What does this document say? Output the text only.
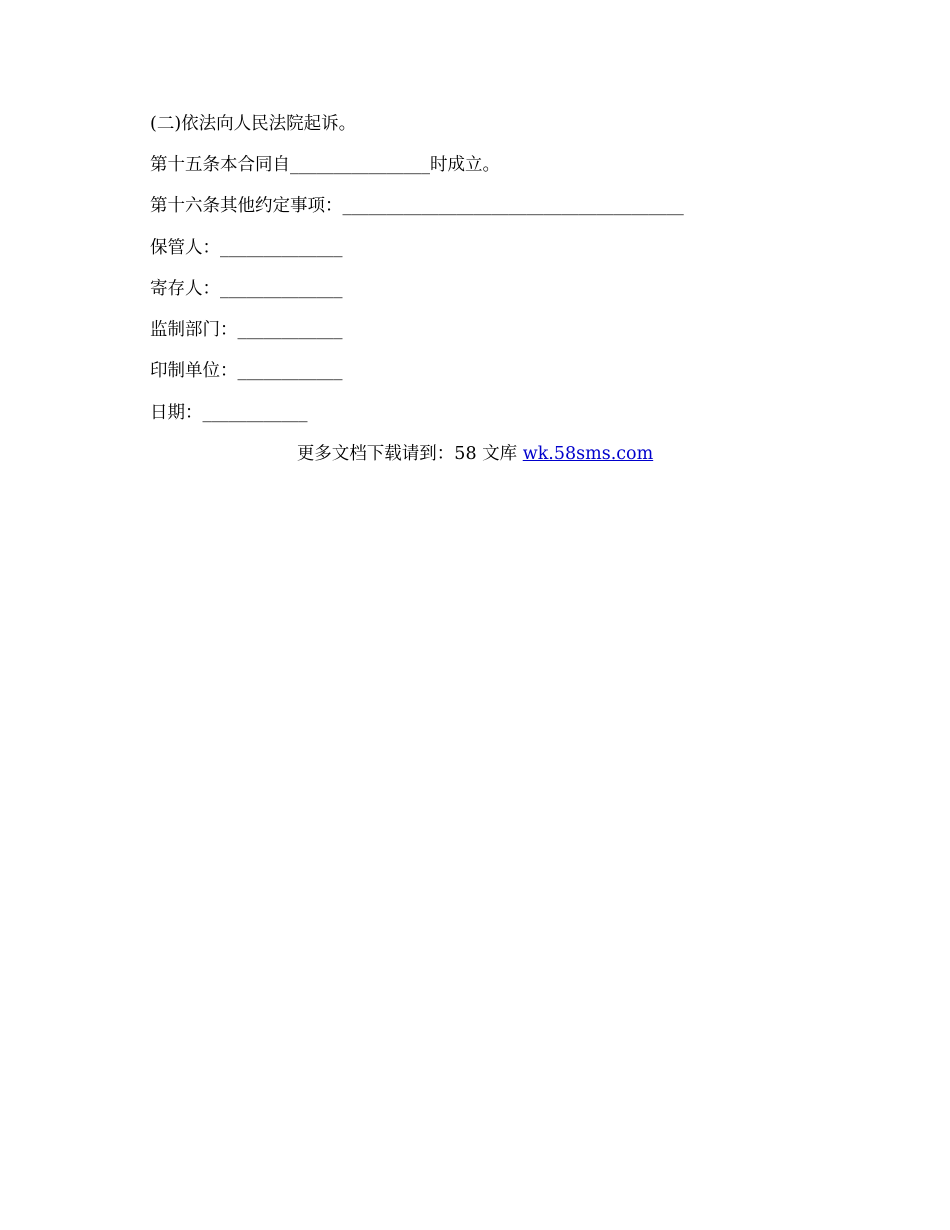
(二)依法向人民法院起诉。
第十五条本合同自________________时成立。
第十六条其他约定事项：_______________________________________
保管人：______________
寄存人：______________
监制部门：____________
印制单位：____________
日期：____________
更多文档下载请到：58 文库 wk.58sms.com
